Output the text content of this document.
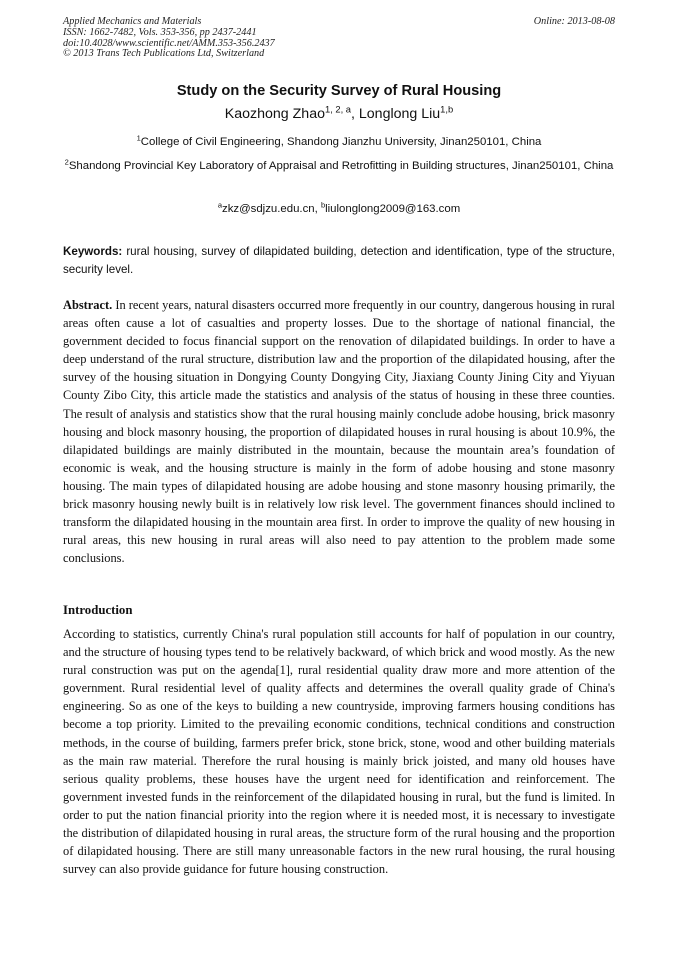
Applied Mechanics and Materials
ISSN: 1662-7482, Vols. 353-356, pp 2437-2441
doi:10.4028/www.scientific.net/AMM.353-356.2437
© 2013 Trans Tech Publications Ltd, Switzerland
Online: 2013-08-08
Study on the Security Survey of Rural Housing
Kaozhong Zhao$^{1, 2, a}$, Longlong Liu$^{1,b}$
$^1$College of Civil Engineering, Shandong Jianzhu University, Jinan250101, China
$^2$Shandong Provincial Key Laboratory of Appraisal and Retrofitting in Building structures, Jinan250101, China
$^a$zkz@sdjzu.edu.cn, $^b$liulonglong2009@163.com
Keywords: rural housing, survey of dilapidated building, detection and identification, type of the structure, security level.
Abstract. In recent years, natural disasters occurred more frequently in our country, dangerous housing in rural areas often cause a lot of casualties and property losses. Due to the shortage of national financial, the government decided to focus financial support on the renovation of dilapidated buildings. In order to have a deep understand of the rural structure, distribution law and the proportion of the dilapidated housing, after the survey of the housing situation in Dongying County Dongying City, Jiaxiang County Jining City and Yiyuan County Zibo City, this article made the statistics and analysis of the status of housing in these three counties. The result of analysis and statistics show that the rural housing mainly conclude adobe housing, brick masonry housing and block masonry housing, the proportion of dilapidated houses in rural housing is about 10.9%, the dilapidated buildings are mainly distributed in the mountain, because the mountain area’s foundation of economic is weak, and the housing structure is mainly in the form of adobe housing and stone masonry housing. The main types of dilapidated housing are adobe housing and stone masonry housing primarily, the brick masonry housing newly built is in relatively low risk level. The government finances should inclined to transform the dilapidated housing in the mountain area first. In order to improve the quality of new housing in rural areas, this new housing in rural areas will also need to pay attention to the problem made some conclusions.
Introduction
According to statistics, currently China's rural population still accounts for half of population in our country, and the structure of housing types tend to be relatively backward, of which brick and wood mostly. As the new rural construction was put on the agenda[1], rural residential quality draw more and more attention of the government. Rural residential level of quality affects and determines the overall quality grade of China's engineering. So as one of the keys to building a new countryside, improving farmers housing conditions has become a top priority. Limited to the prevailing economic conditions, technical conditions and construction methods, in the course of building, farmers prefer brick, stone brick, stone, wood and other building materials as the main raw material. Therefore the rural housing is mainly brick joisted, and many old houses have serious quality problems, these houses have the urgent need for identification and reinforcement. The government invested funds in the reinforcement of the dilapidated housing in rural, but the fund is limited. In order to put the nation financial priority into the region where it is needed most, it is necessary to investigate the distribution of dilapidated housing in rural areas, the structure form of the rural housing and the proportion of dilapidated housing. There are still many unreasonable factors in the new rural housing, the rural housing survey can also provide guidance for future housing construction.
